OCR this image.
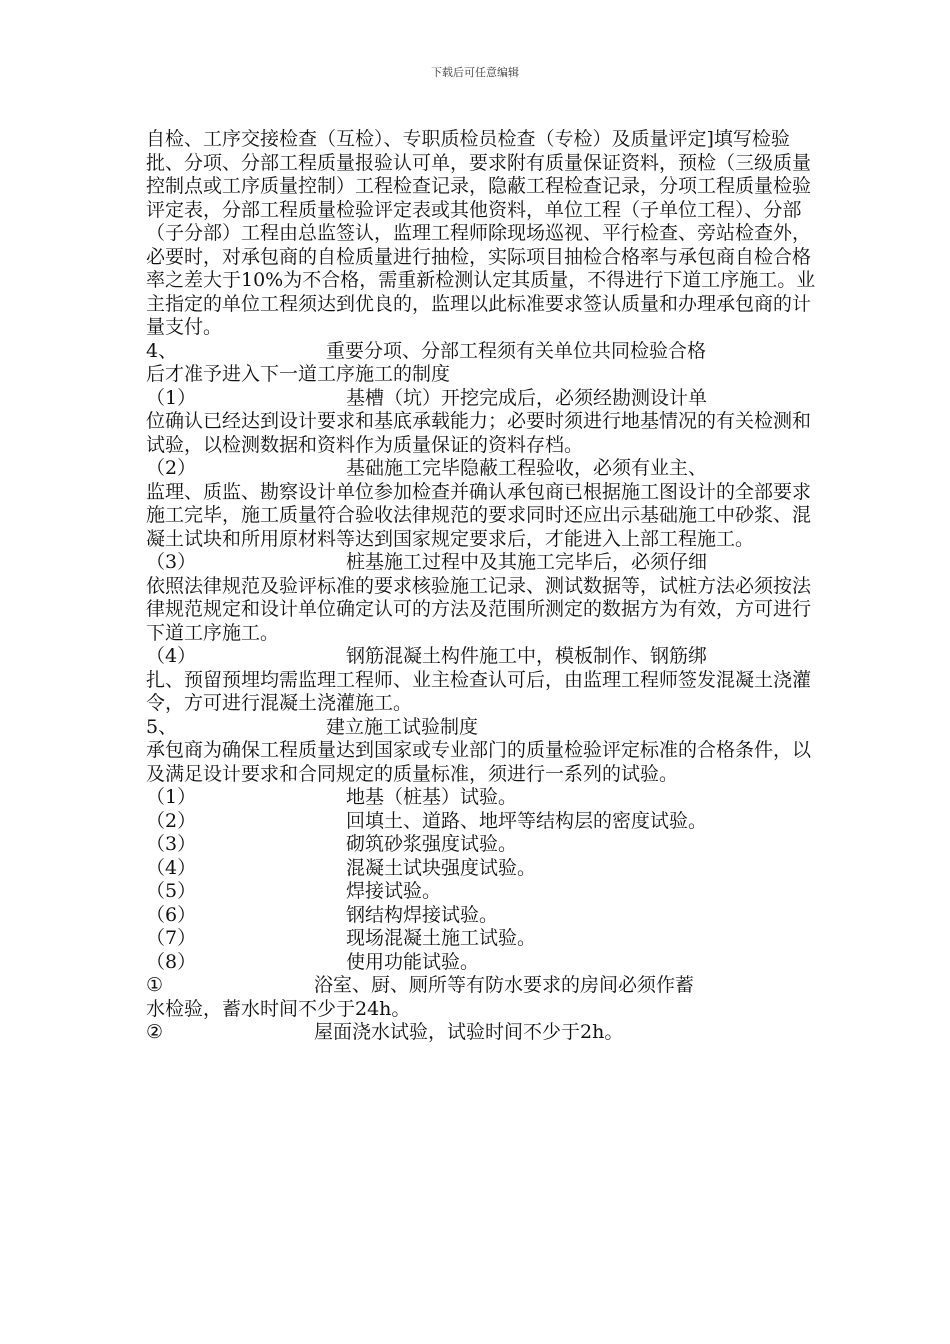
下载后可任意编辑

自检、工序交接检查（互检）、专职质检员检查（专检）及质量评定]填写检验批、分项、分部工程质量报验认可单，要求附有质量保证资料，预检（三级质量控制点或工序质量控制）工程检查记录，隐蔽工程检查记录，分项工程质量检验评定表，分部工程质量检验评定表或其他资料，单位工程（子单位工程）、分部（子分部）工程由总监签认，监理工程师除现场巡视、平行检查、旁站检查外，必要时，对承包商的自检质量进行抽检，实际项目抽检合格率与承包商自检合格率之差大于10%为不合格，需重新检测认定其质量，不得进行下道工序施工。业主指定的单位工程须达到优良的，监理以此标准要求签认质量和办理承包商的计量支付。

4、	重要分项、分部工程须有关单位共同检验合格

后才准予进入下一道工序施工的制度

（1）	基槽（坑）开挖完成后，必须经勘测设计单

位确认已经达到设计要求和基底承载能力；必要时须进行地基情况的有关检测和试验，以检测数据和资料作为质量保证的资料存档。

（2）	基础施工完毕隐蔽工程验收，必须有业主、

监理、质监、勘察设计单位参加检查并确认承包商已根据施工图设计的全部要求施工完毕，施工质量符合验收法律规范的要求同时还应出示基础施工中砂浆、混凝土试块和所用原材料等达到国家规定要求后，才能进入上部工程施工。

（3）	桩基施工过程中及其施工完毕后，必须仔细

依照法律规范及验评标准的要求核验施工记录、测试数据等，试桩方法必须按法律规范规定和设计单位确定认可的方法及范围所测定的数据方为有效，方可进行下道工序施工。

（4）	钢筋混凝土构件施工中，模板制作、钢筋绑

扎、预留预埋均需监理工程师、业主检查认可后，由监理工程师签发混凝土浇灌令，方可进行混凝土浇灌施工。

5、	建立施工试验制度

承包商为确保工程质量达到国家或专业部门的质量检验评定标准的合格条件，以及满足设计要求和合同规定的质量标准，须进行一系列的试验。

（1）	地基（桩基）试验。
（2）	回填土、道路、地坪等结构层的密度试验。
（3）	砌筑砂浆强度试验。
（4）	混凝土试块强度试验。
（5）	焊接试验。
（6）	钢结构焊接试验。
（7）	现场混凝土施工试验。
（8）	使用功能试验。
①	浴室、厨、厕所等有防水要求的房间必须作蓄

水检验，蓄水时间不少于24h。

②	屋面浇水试验，试验时间不少于2h。
